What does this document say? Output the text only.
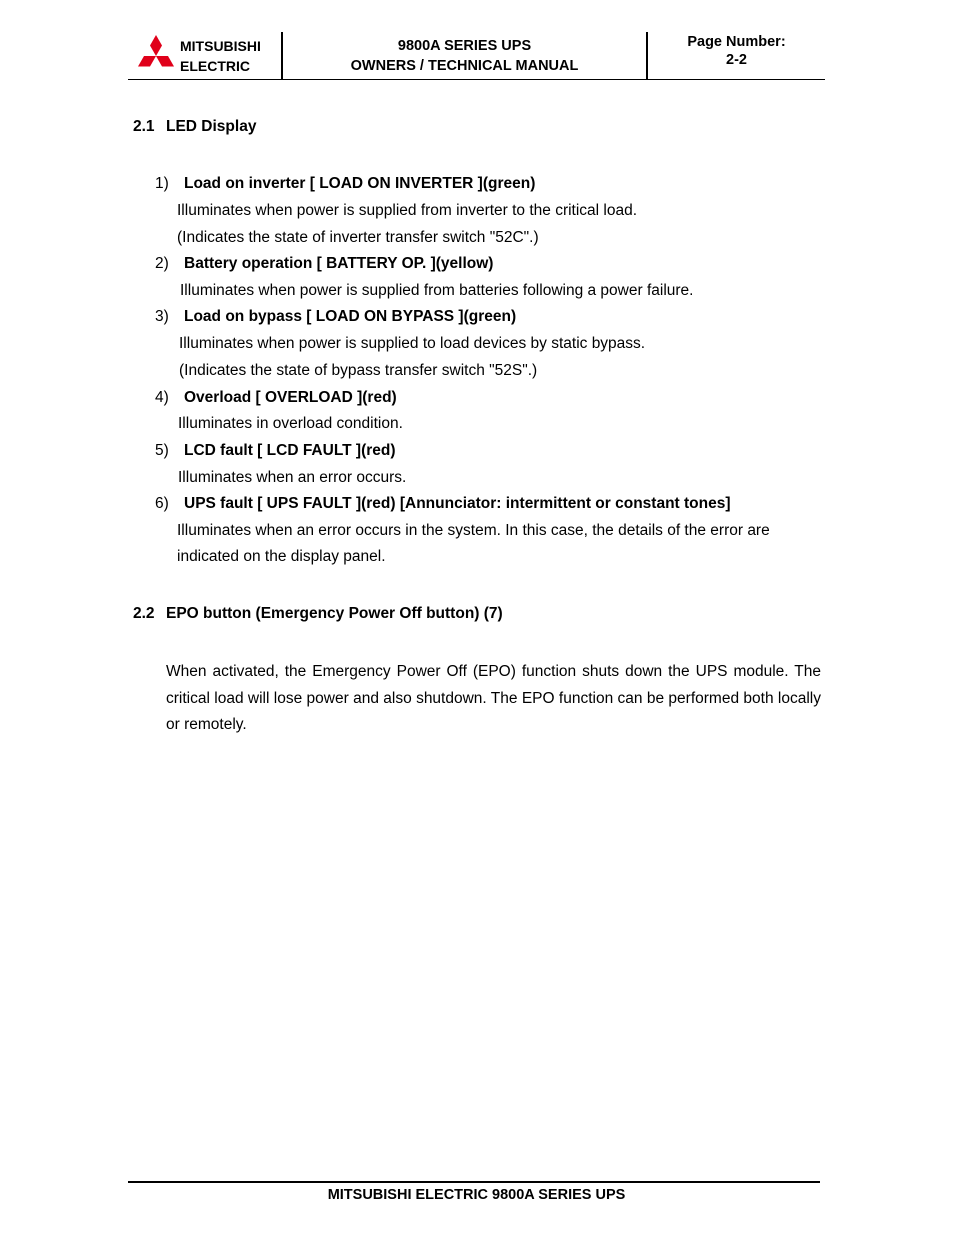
MITSUBISHI
ELECTRIC
9800A SERIES UPS
OWNERS / TECHNICAL MANUAL
Page Number:
2-2
2.1 LED Display
1) Load on inverter [ LOAD ON INVERTER ](green)
Illuminates when power is supplied from inverter to the critical load.
(Indicates the state of inverter transfer switch "52C".)
2) Battery operation [ BATTERY OP. ](yellow)
Illuminates when power is supplied from batteries following a power failure.
3) Load on bypass [ LOAD ON BYPASS ](green)
Illuminates when power is supplied to load devices by static bypass.
(Indicates the state of bypass transfer switch "52S".)
4) Overload [ OVERLOAD ](red)
Illuminates in overload condition.
5) LCD fault [ LCD FAULT ](red)
Illuminates when an error occurs.
6) UPS fault [ UPS FAULT ](red) [Annunciator: intermittent or constant tones]
Illuminates when an error occurs in the system. In this case, the details of the error are
indicated on the display panel.
2.2 EPO button (Emergency Power Off button) (7)
When activated, the Emergency Power Off (EPO) function shuts down the UPS module. The critical load will lose power and also shutdown. The EPO function can be performed both locally or remotely.
MITSUBISHI ELECTRIC 9800A SERIES UPS
